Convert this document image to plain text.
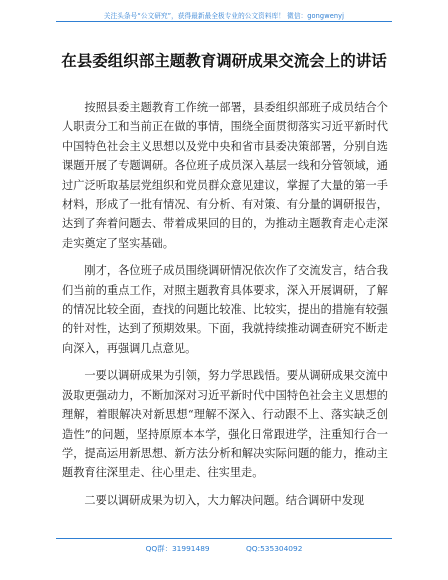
关注头条号“公文研究”，获得最新最全极专业的公文资料库！ 微信：gongwenyj
在县委组织部主题教育调研成果交流会上的讲话

按照县委主题教育工作统一部署，县委组织部班子成员结合个人职责分工和当前正在做的事情，围绕全面贯彻落实习近平新时代中国特色社会主义思想以及党中央和省市县委决策部署，分别自选课题开展了专题调研。各位班子成员深入基层一线和分管领域，通过广泛听取基层党组织和党员群众意见建议，掌握了大量的第一手材料，形成了一批有情况、有分析、有对策、有分量的调研报告，达到了奔着问题去、带着成果回的目的，为推动主题教育走心走深走实奠定了坚实基础。

刚才，各位班子成员围绕调研情况依次作了交流发言，结合我们当前的重点工作，对照主题教育具体要求，深入开展调研，了解的情况比较全面，查找的问题比较准、比较实，提出的措施有较强的针对性，达到了预期效果。下面，我就持续推动调查研究不断走向深入，再强调几点意见。

一要以调研成果为引领，努力学思践悟。要从调研成果交流中汲取更强动力，不断加深对习近平新时代中国特色社会主义思想的理解，着眼解决对新思想“理解不深入、行动跟不上、落实缺乏创造性”的问题，坚持原原本本学，强化日常跟进学，注重知行合一学，提高运用新思想、新方法分析和解决实际问题的能力，推动主题教育往深里走、往心里走、往实里走。

二要以调研成果为切入，大力解决问题。结合调研中发现

QQ群：31991489	QQ:535304092
